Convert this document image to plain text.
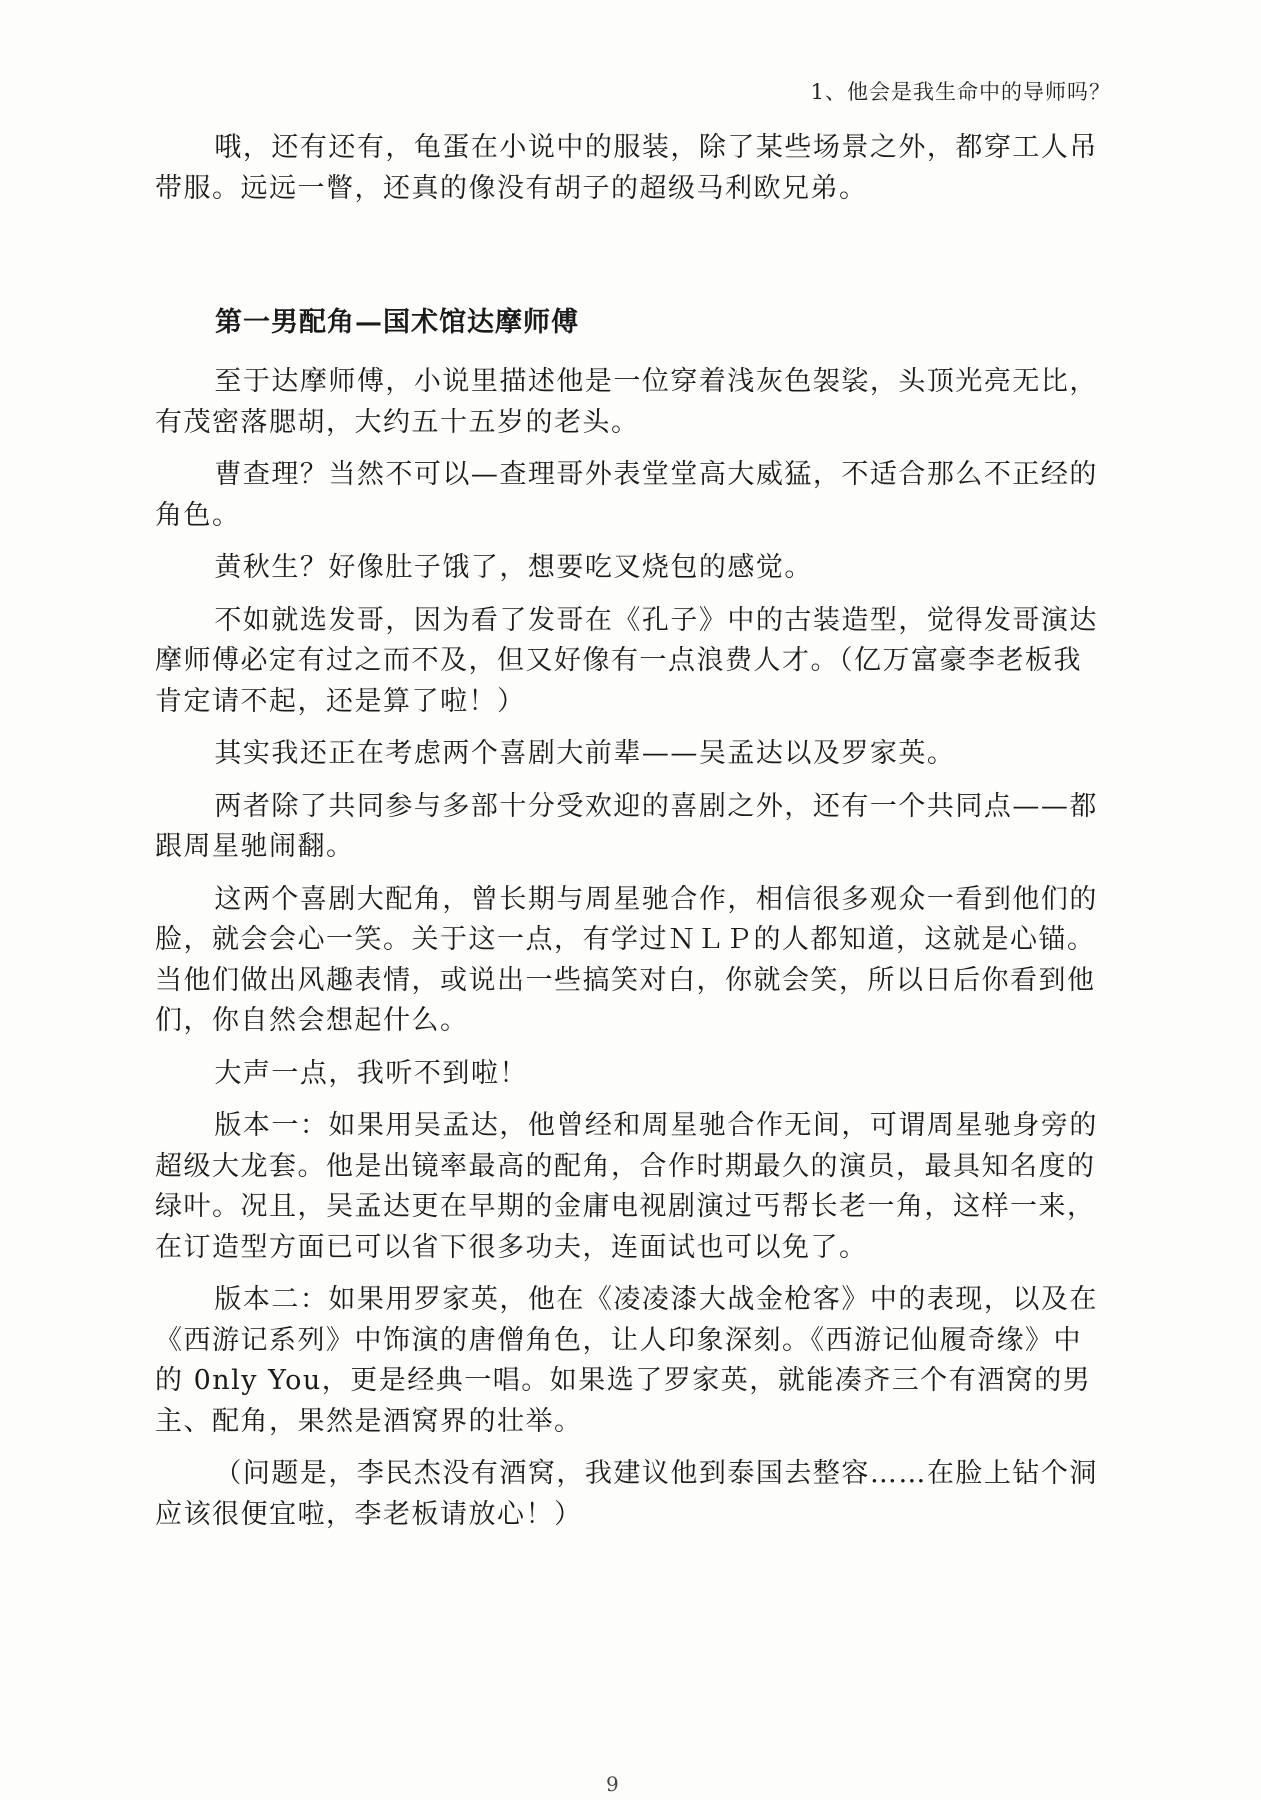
1、他会是我生命中的导师吗？

哦，还有还有，龟蛋在小说中的服装，除了某些场景之外，都穿工人吊带服。远远一瞥，还真的像没有胡子的超级马利欧兄弟。

第一男配角—国术馆达摩师傅

至于达摩师傅，小说里描述他是一位穿着浅灰色袈裟，头顶光亮无比，有茂密落腮胡，大约五十五岁的老头。

曹查理？当然不可以—查理哥外表堂堂高大威猛，不适合那么不正经的角色。

黄秋生？好像肚子饿了，想要吃叉烧包的感觉。

不如就选发哥，因为看了发哥在《孔子》中的古装造型，觉得发哥演达摩师傅必定有过之而不及，但又好像有一点浪费人才。（亿万富豪李老板我肯定请不起，还是算了啦！）

其实我还正在考虑两个喜剧大前辈——吴孟达以及罗家英。

两者除了共同参与多部十分受欢迎的喜剧之外，还有一个共同点——都跟周星驰闹翻。

这两个喜剧大配角，曾长期与周星驰合作，相信很多观众一看到他们的脸，就会会心一笑。关于这一点，有学过ＮＬＰ的人都知道，这就是心锚。当他们做出风趣表情，或说出一些搞笑对白，你就会笑，所以日后你看到他们，你自然会想起什么。

大声一点，我听不到啦！

版本一：如果用吴孟达，他曾经和周星驰合作无间，可谓周星驰身旁的超级大龙套。他是出镜率最高的配角，合作时期最久的演员，最具知名度的绿叶。况且，吴孟达更在早期的金庸电视剧演过丐帮长老一角，这样一来，在订造型方面已可以省下很多功夫，连面试也可以免了。

版本二：如果用罗家英，他在《凌凌漆大战金枪客》中的表现，以及在《西游记系列》中饰演的唐僧角色，让人印象深刻。《西游记仙履奇缘》中的 0nly You，更是经典一唱。如果选了罗家英，就能凑齐三个有酒窝的男主、配角，果然是酒窝界的壮举。

（问题是，李民杰没有酒窝，我建议他到泰国去整容……在脸上钻个洞应该很便宜啦，李老板请放心！）

9
